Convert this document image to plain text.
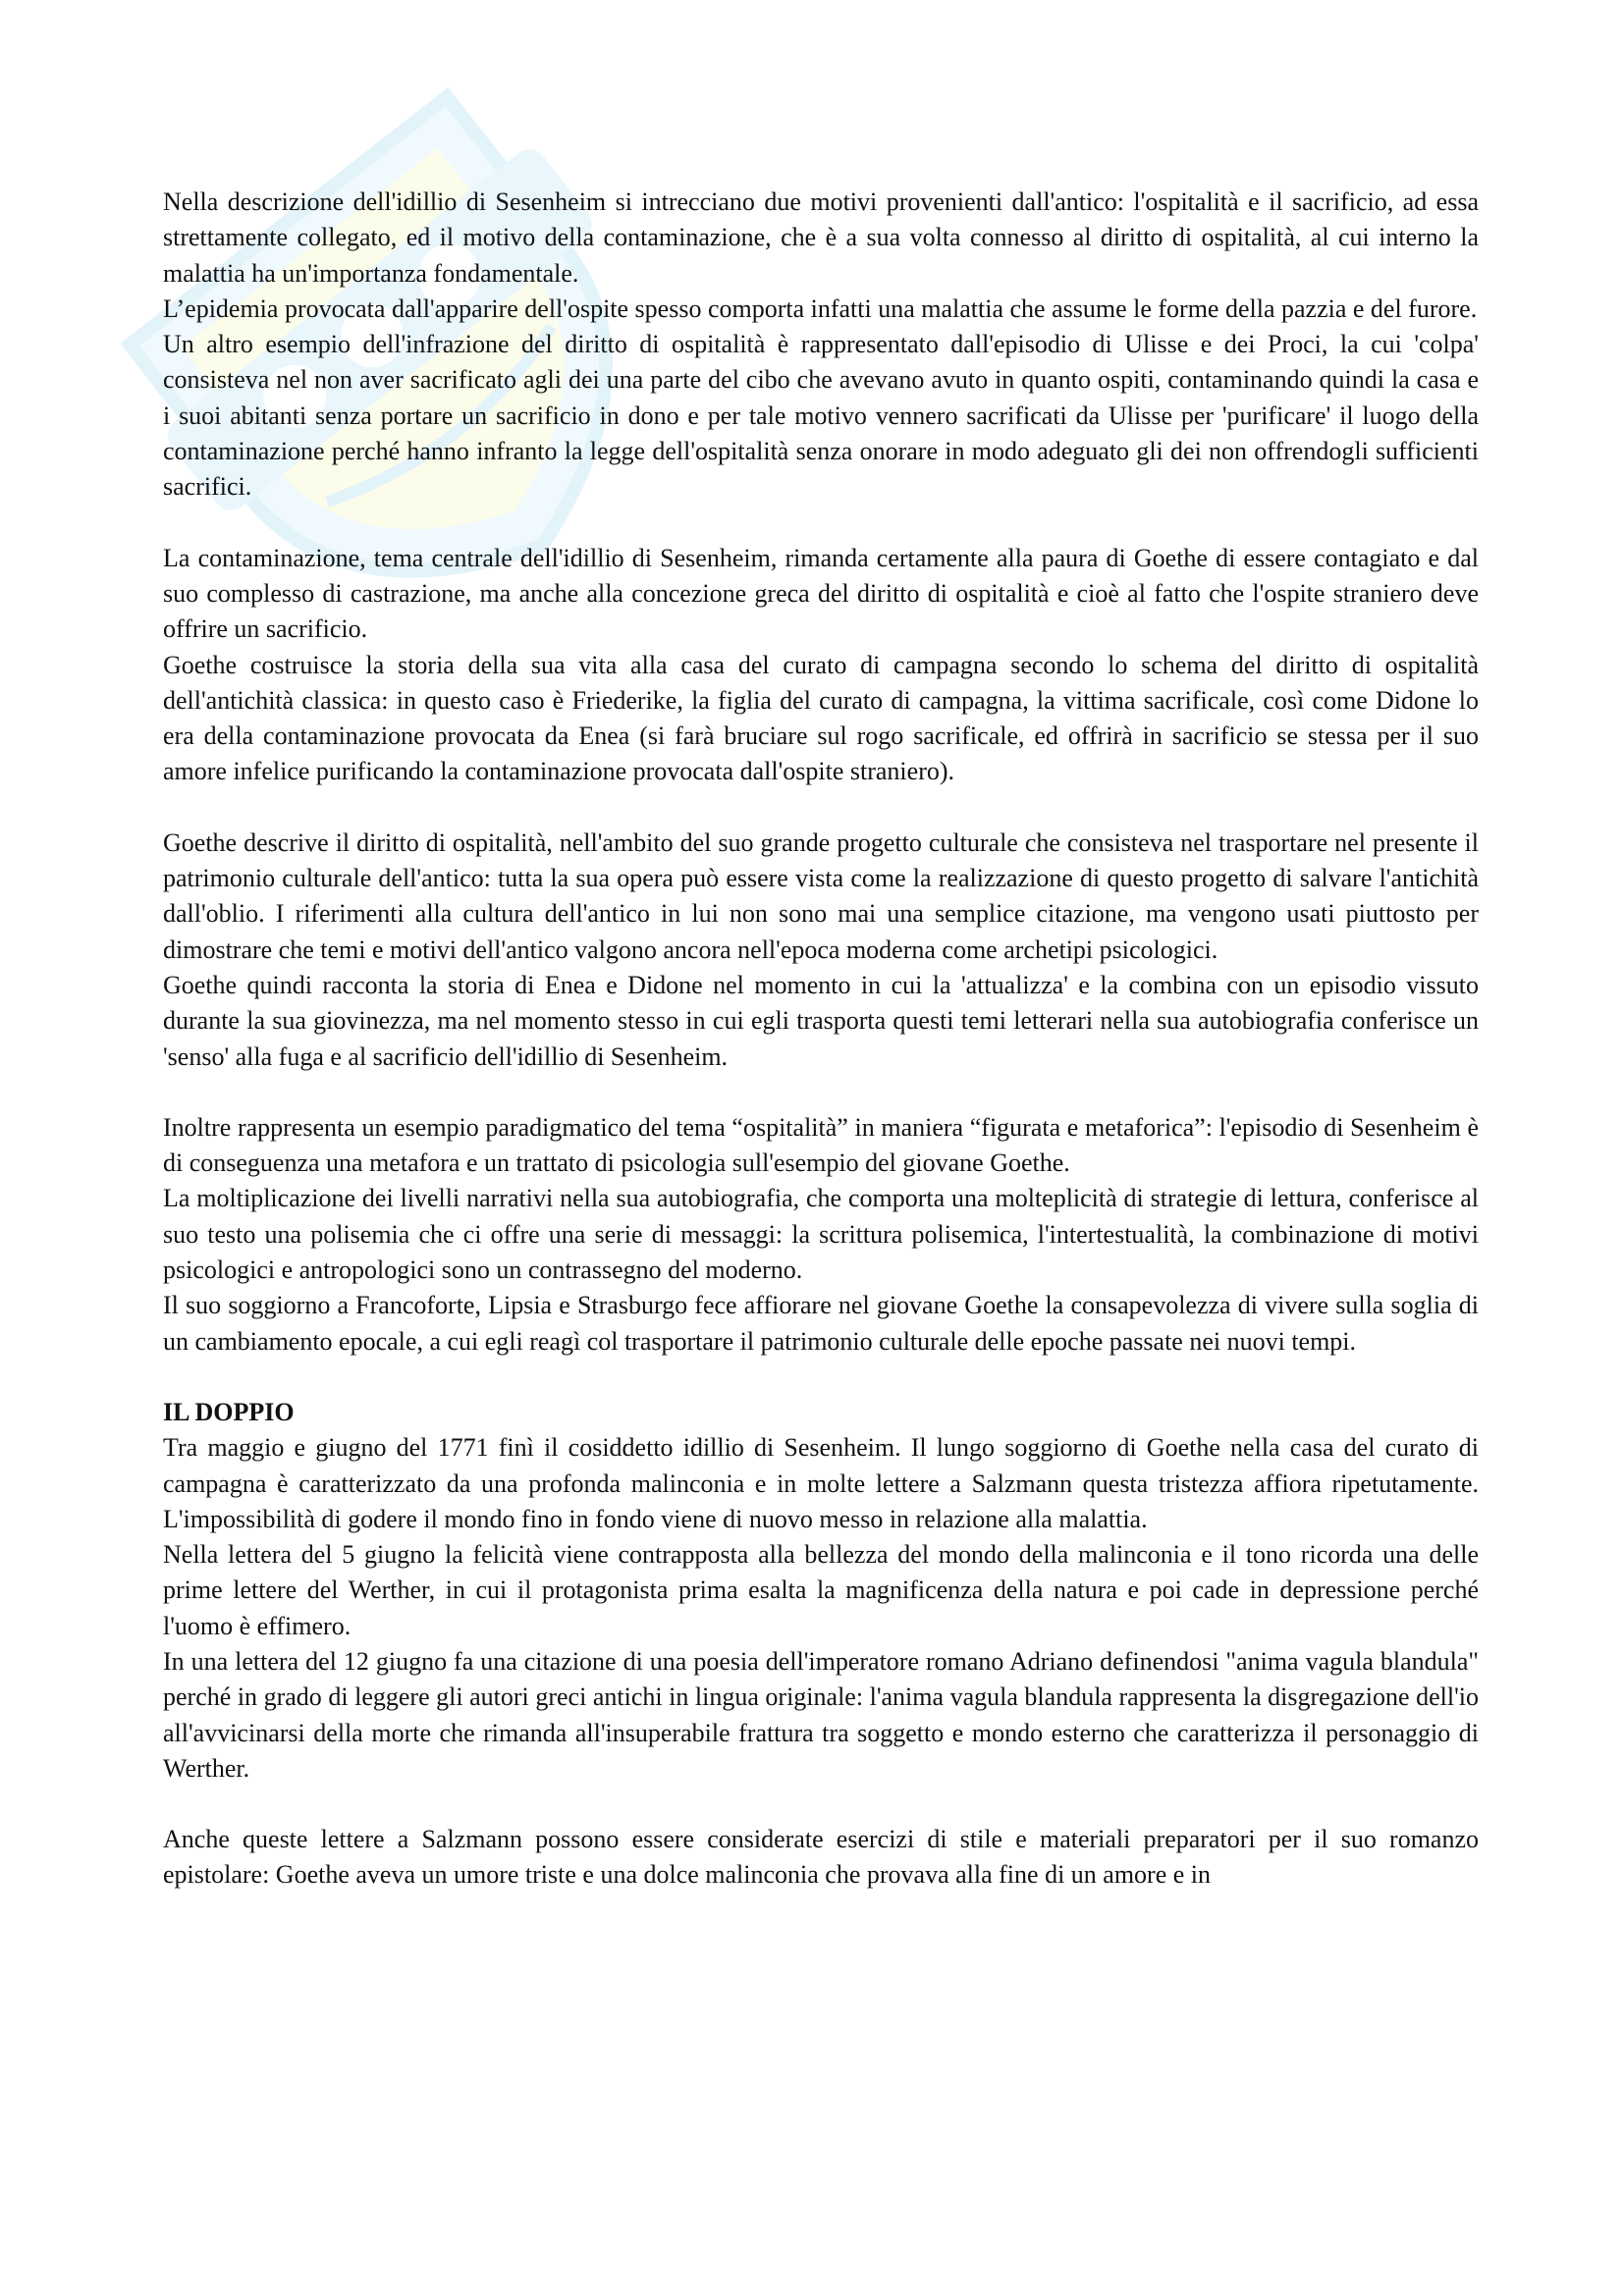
Nella descrizione dell'idillio di Sesenheim si intrecciano due motivi provenienti dall'antico: l'ospitalità e il sacrificio, ad essa strettamente collegato, ed il motivo della contaminazione, che è a sua volta connesso al diritto di ospitalità, al cui interno la malattia ha un'importanza fondamentale.

L’epidemia provocata dall'apparire dell'ospite spesso comporta infatti una malattia che assume le forme della pazzia e del furore.

Un altro esempio dell'infrazione del diritto di ospitalità è rappresentato dall'episodio di Ulisse e dei Proci, la cui 'colpa' consisteva nel non aver sacrificato agli dei una parte del cibo che avevano avuto in quanto ospiti, contaminando quindi la casa e i suoi abitanti senza portare un sacrificio in dono e per tale motivo vennero sacrificati da Ulisse per 'purificare' il luogo della contaminazione perché hanno infranto la legge dell'ospitalità senza onorare in modo adeguato gli dei non offrendogli sufficienti sacrifici.

La contaminazione, tema centrale dell'idillio di Sesenheim, rimanda certamente alla paura di Goethe di essere contagiato e dal suo complesso di castrazione, ma anche alla concezione greca del diritto di ospitalità e cioè al fatto che l'ospite straniero deve offrire un sacrificio.

Goethe costruisce la storia della sua vita alla casa del curato di campagna secondo lo schema del diritto di ospitalità dell'antichità classica: in questo caso è Friederike, la figlia del curato di campagna, la vittima sacrificale, così come Didone lo era della contaminazione provocata da Enea (si farà bruciare sul rogo sacrificale, ed offrirà in sacrificio se stessa per il suo amore infelice purificando la contaminazione provocata dall'ospite straniero).

Goethe descrive il diritto di ospitalità, nell'ambito del suo grande progetto culturale che consisteva nel trasportare nel presente il patrimonio culturale dell'antico: tutta la sua opera può essere vista come la realizzazione di questo progetto di salvare l'antichità dall'oblio. I riferimenti alla cultura dell'antico in lui non sono mai una semplice citazione, ma vengono usati piuttosto per dimostrare che temi e motivi dell'antico valgono ancora nell'epoca moderna come archetipi psicologici.

Goethe quindi racconta la storia di Enea e Didone nel momento in cui la 'attualizza' e la combina con un episodio vissuto durante la sua giovinezza, ma nel momento stesso in cui egli trasporta questi temi letterari nella sua autobiografia conferisce un 'senso' alla fuga e al sacrificio dell'idillio di Sesenheim.

Inoltre rappresenta un esempio paradigmatico del tema “ospitalità” in maniera “figurata e metaforica”: l'episodio di Sesenheim è di conseguenza una metafora e un trattato di psicologia sull'esempio del giovane Goethe.

La moltiplicazione dei livelli narrativi nella sua autobiografia, che comporta una molteplicità di strategie di lettura, conferisce al suo testo una polisemia che ci offre una serie di messaggi: la scrittura polisemica, l'intertestualità, la combinazione di motivi psicologici e antropologici sono un contrassegno del moderno.

Il suo soggiorno a Francoforte, Lipsia e Strasburgo fece affiorare nel giovane Goethe la consapevolezza di vivere sulla soglia di un cambiamento epocale, a cui egli reagì col trasportare il patrimonio culturale delle epoche passate nei nuovi tempi.

IL DOPPIO

Tra maggio e giugno del 1771 finì il cosiddetto idillio di Sesenheim. Il lungo soggiorno di Goethe nella casa del curato di campagna è caratterizzato da una profonda malinconia e in molte lettere a Salzmann questa tristezza affiora ripetutamente. L'impossibilità di godere il mondo fino in fondo viene di nuovo messo in relazione alla malattia.

Nella lettera del 5 giugno la felicità viene contrapposta alla bellezza del mondo della malinconia e il tono ricorda una delle prime lettere del Werther, in cui il protagonista prima esalta la magnificenza della natura e poi cade in depressione perché l'uomo è effimero.

In una lettera del 12 giugno fa una citazione di una poesia dell'imperatore romano Adriano definendosi "anima vagula blandula" perché in grado di leggere gli autori greci antichi in lingua originale: l'anima vagula blandula rappresenta la disgregazione dell'io all'avvicinarsi della morte che rimanda all'insuperabile frattura tra soggetto e mondo esterno che caratterizza il personaggio di Werther.

Anche queste lettere a Salzmann possono essere considerate esercizi di stile e materiali preparatori per il suo romanzo epistolare: Goethe aveva un umore triste e una dolce malinconia che provava alla fine di un amore e in
